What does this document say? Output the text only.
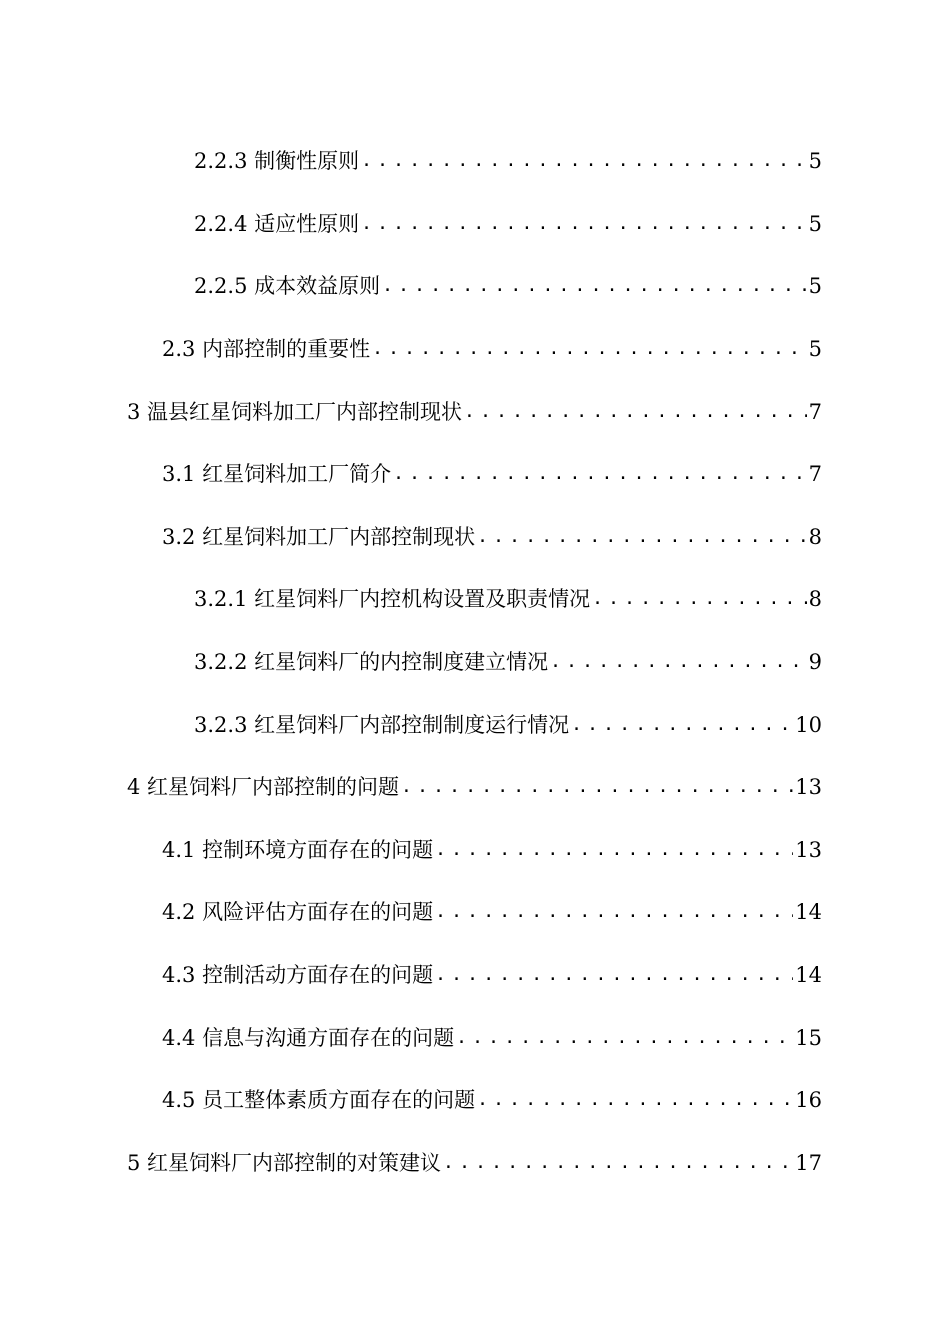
2.2.3 制衡性原则 .....	5
2.2.4 适应性原则 .....	5
2.2.5 成本效益原则 .....	5
2.3 内部控制的重要性 .....	5
3 温县红星饲料加工厂内部控制现状 .....	7
3.1 红星饲料加工厂简介 .....	7
3.2 红星饲料加工厂内部控制现状 .....	8
3.2.1 红星饲料厂内控机构设置及职责情况 .....	8
3.2.2 红星饲料厂的内控制度建立情况 .....	9
3.2.3 红星饲料厂内部控制制度运行情况 .....	10
4 红星饲料厂内部控制的问题 .....	13
4.1 控制环境方面存在的问题 .....	13
4.2 风险评估方面存在的问题 .....	14
4.3 控制活动方面存在的问题 .....	14
4.4 信息与沟通方面存在的问题 .....	15
4.5 员工整体素质方面存在的问题 .....	16
5 红星饲料厂内部控制的对策建议 .....	17
